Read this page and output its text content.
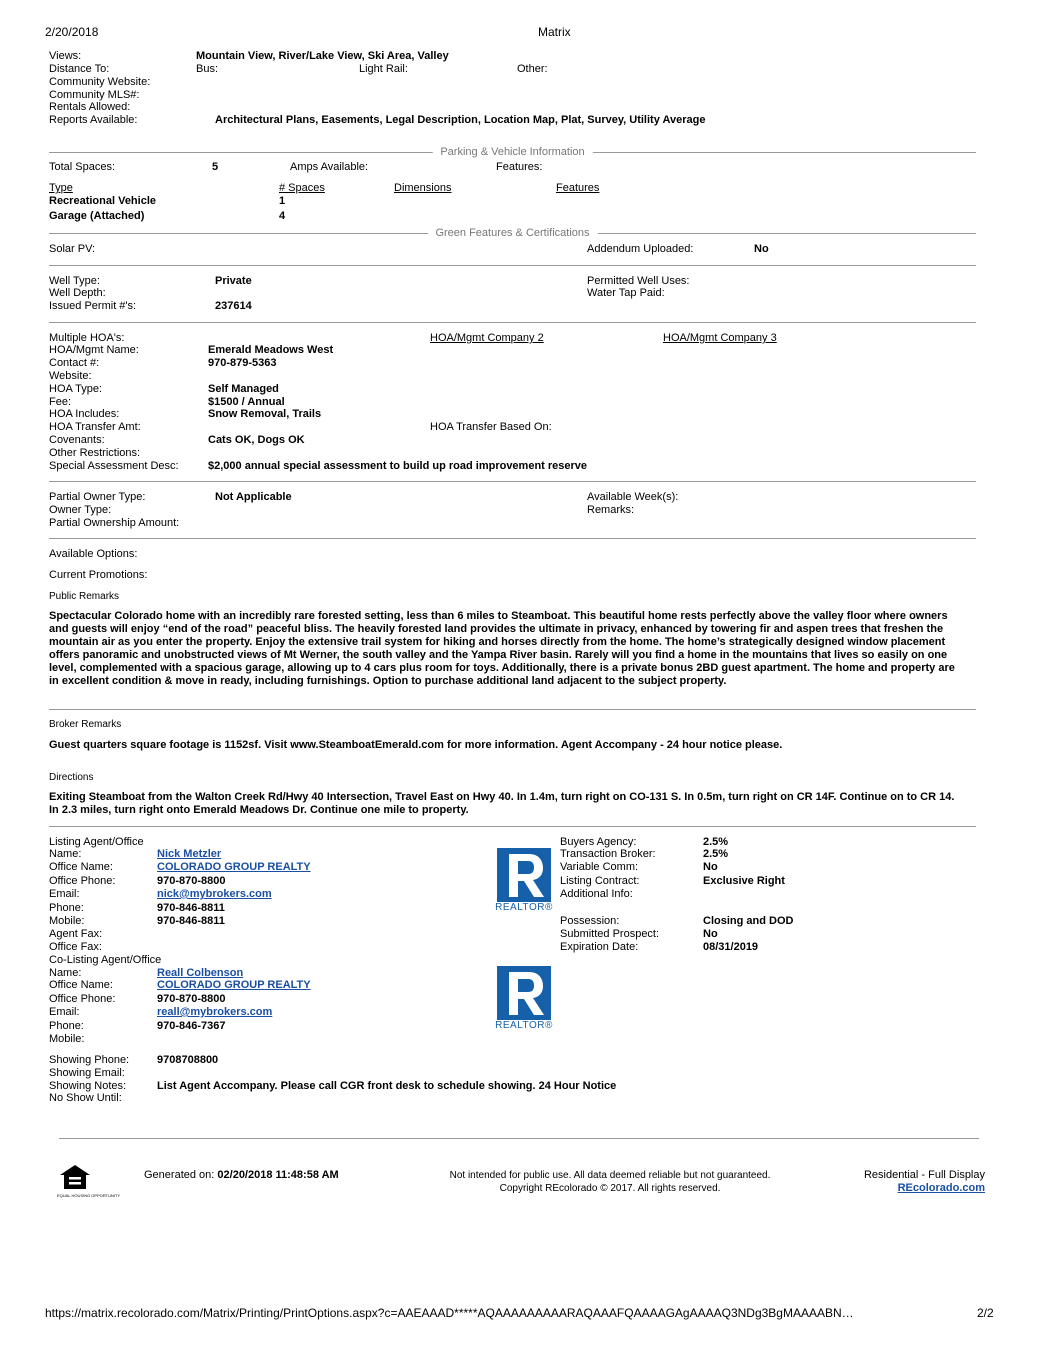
2/20/2018	Matrix
Views:	Mountain View, River/Lake View, Ski Area, Valley
Distance To:	Bus:	Light Rail:	Other:
Community Website:
Community MLS#:
Rentals Allowed:
Reports Available:	Architectural Plans, Easements, Legal Description, Location Map, Plat, Survey, Utility Average
Parking & Vehicle Information
Total Spaces:	5	Amps Available:	Features:
Type	# Spaces	Dimensions	Features
Recreational Vehicle	1
Garage (Attached)	4
Green Features & Certifications
Solar PV:	Addendum Uploaded:	No
Well Type:	Private	Permitted Well Uses:
Well Depth:	Water Tap Paid:
Issued Permit #'s:	237614
Multiple HOA's:	HOA/Mgmt Company 2	HOA/Mgmt Company 3
HOA/Mgmt Name:	Emerald Meadows West
Contact #:	970-879-5363
Website:
HOA Type:	Self Managed
Fee:	$1500 / Annual
HOA Includes:	Snow Removal, Trails
HOA Transfer Amt:	HOA Transfer Based On:
Covenants:	Cats OK, Dogs OK
Other Restrictions:
Special Assessment Desc:	$2,000 annual special assessment to build up road improvement reserve
Partial Owner Type:	Not Applicable	Available Week(s):
Owner Type:	Remarks:
Partial Ownership Amount:
Available Options:
Current Promotions:
Public Remarks
Spectacular Colorado home with an incredibly rare forested setting, less than 6 miles to Steamboat. This beautiful home rests perfectly above the valley floor where owners and guests will enjoy “end of the road” peaceful bliss. The heavily forested land provides the ultimate in privacy, enhanced by towering fir and aspen trees that freshen the mountain air as you enter the property. Enjoy the extensive trail system for hiking and horses directly from the home. The home’s strategically designed window placement offers panoramic and unobstructed views of Mt Werner, the south valley and the Yampa River basin. Rarely will you find a home in the mountains that lives so easily on one level, complemented with a spacious garage, allowing up to 4 cars plus room for toys. Additionally, there is a private bonus 2BD guest apartment. The home and property are in excellent condition & move in ready, including furnishings. Option to purchase additional land adjacent to the subject property.
Broker Remarks
Guest quarters square footage is 1152sf. Visit www.SteamboatEmerald.com for more information. Agent Accompany - 24 hour notice please.
Directions
Exiting Steamboat from the Walton Creek Rd/Hwy 40 Intersection, Travel East on Hwy 40. In 1.4m, turn right on CO-131 S. In 0.5m, turn right on CR 14F. Continue on to CR 14. In 2.3 miles, turn right onto Emerald Meadows Dr. Continue one mile to property.
Listing Agent/Office
Name:	Nick Metzler
Office Name:	COLORADO GROUP REALTY
Office Phone:	970-870-8800
Email:	nick@mybrokers.com
Phone:	970-846-8811
Mobile:	970-846-8811
Agent Fax:
Office Fax:
REALTOR®
Buyers Agency:	2.5%
Transaction Broker:	2.5%
Variable Comm:	No
Listing Contract:	Exclusive Right
Additional Info:
Possession:	Closing and DOD
Submitted Prospect:	No
Expiration Date:	08/31/2019
Co-Listing Agent/Office
Name:	Reall Colbenson
Office Name:	COLORADO GROUP REALTY
Office Phone:	970-870-8800
Email:	reall@mybrokers.com
Phone:	970-846-7367
Mobile:
REALTOR®
Showing Phone:	9708708800
Showing Email:
Showing Notes:	List Agent Accompany. Please call CGR front desk to schedule showing. 24 Hour Notice
No Show Until:
EQUAL HOUSING OPPORTUNITY
Generated on: 02/20/2018 11:48:58 AM	Not intended for public use. All data deemed reliable but not guaranteed.
Copyright REcolorado © 2017. All rights reserved.
Residential - Full Display
REcolorado.com
https://matrix.recolorado.com/Matrix/Printing/PrintOptions.aspx?c=AAEAAAD*****AQAAAAAAAAARAQAAAFQAAAAGAgAAAAQ3NDg3BgMAAAABN…	2/2
